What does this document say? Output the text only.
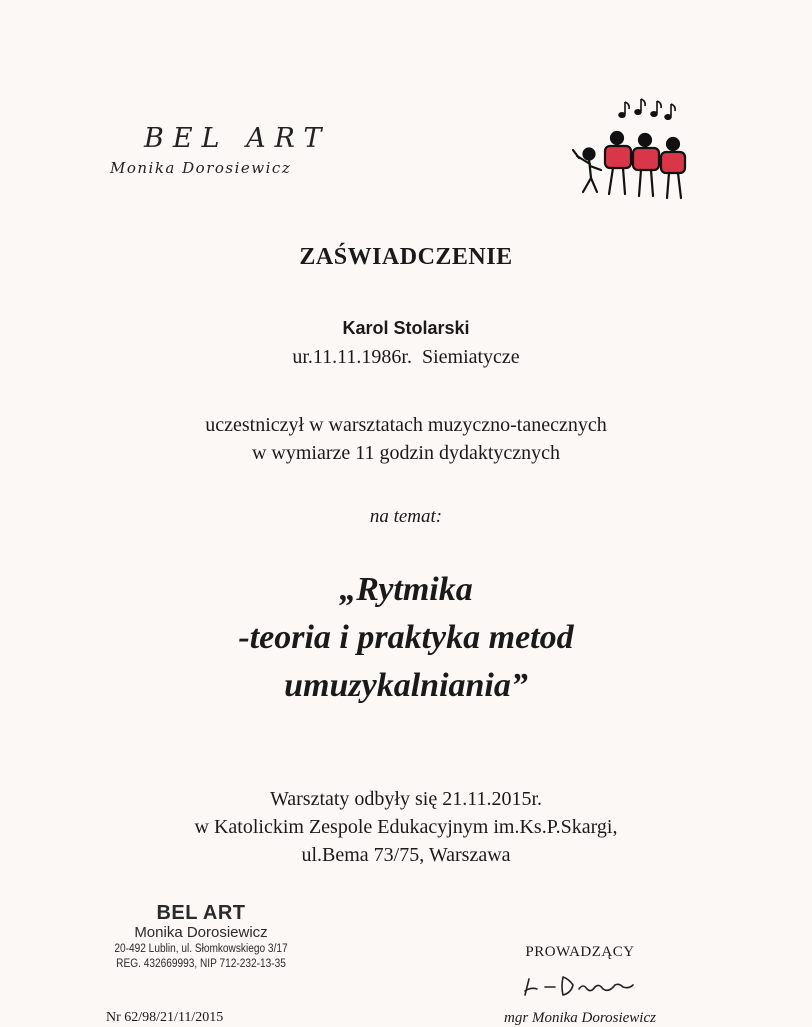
BEL ART
Monika Dorosiewicz
ZAŚWIADCZENIE
Karol Stolarski
ur.11.11.1986r. Siemiatycze
uczestniczył w warsztatach muzyczno-tanecznych
w wymiarze 11 godzin dydaktycznych
na temat:
„Rytmika
-teoria i praktyka metod
umuzykalniania”
Warsztaty odbyły się 21.11.2015r.
w Katolickim Zespole Edukacyjnym im.Ks.P.Skargi,
ul.Bema 73/75, Warszawa
BEL ART
Monika Dorosiewicz
20-492 Lublin, ul. Słomkowskiego 3/17
REG. 432669993, NIP 712-232-13-35
Nr 62/98/21/11/2015
PROWADZĄCY
mgr Monika Dorosiewicz
